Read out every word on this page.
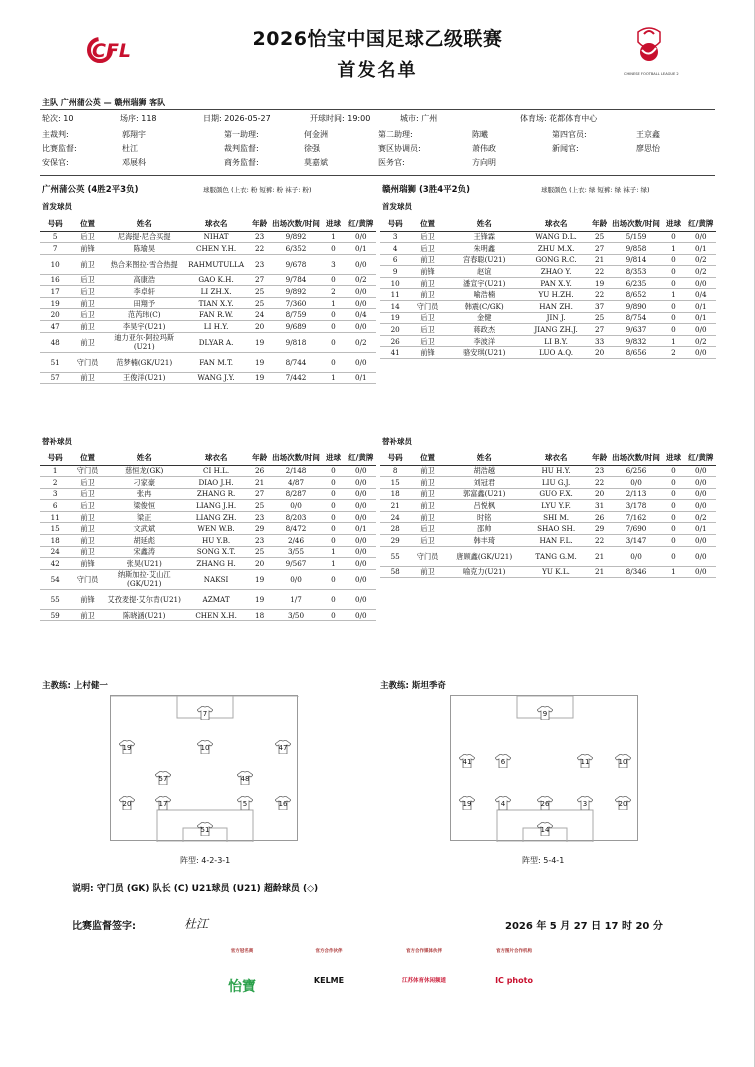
CFL
CHINESE FOOTBALL LEAGUE 2
2026怡宝中国足球乙级联赛
首发名单
主队 广州蒲公英 — 赣州瑞狮 客队
轮次: 10	场序: 118	日期: 2026-05-27	开球时间: 19:00	城市: 广州	体育场: 花都体育中心
主裁判:	郭翔宇	第一助理:	何金洲	第二助理:	陈曦	第四官员:	王京鑫
比赛监督:	杜江	裁判监督:	徐强	赛区协调员:	萧伟政	新闻官:	廖思怡
安保官:	邓展科	商务监督:	莫嘉斌	医务官:	方向明
广州蒲公英 (4胜2平3负)	球服颜色 (上衣: 粉 短裤: 粉 袜子: 粉)
首发球员
号码	位置	姓名	球衣名	年龄	出场次数/时间	进球	红/黄牌
5	后卫	尼海提·尼合买提	NIHAT	23	9/892	1	0/0
7	前锋	陈瑜昊	CHEN Y.H.	22	6/352	0	0/1
10	前卫	热合来图拉·雪合热提	RAHMUTULLA	23	9/678	3	0/0
16	后卫	高康浩	GAO K.H.	27	9/784	0	0/2
17	后卫	李卓轩	LI ZH.X.	25	9/892	2	0/0
19	前卫	田翔予	TIAN X.Y.	25	7/360	1	0/0
20	后卫	范芮玮(C)	FAN R.W.	24	8/759	0	0/4
47	前卫	李昊宇(U21)	LI H.Y.	20	9/689	0	0/0
48	前卫	迪力亚尔·阿拉玛斯(U21)	DLYAR A.	19	9/818	0	0/2
51	守门员	范梦楠(GK/U21)	FAN M.T.	19	8/744	0	0/0
57	前卫	王俊洋(U21)	WANG J.Y.	19	7/442	1	0/1
替补球员
号码	位置	姓名	球衣名	年龄	出场次数/时间	进球	红/黄牌
1	守门员	慈恒龙(GK)	CI H.L.	26	2/148	0	0/0
2	后卫	刁家豪	DIAO J.H.	21	4/87	0	0/0
3	后卫	张冉	ZHANG R.	27	8/287	0	0/0
6	后卫	梁俊恒	LIANG J.H.	25	0/0	0	0/0
11	前卫	梁正	LIANG ZH.	23	8/203	0	0/0
15	前卫	文武斌	WEN W.B.	29	8/472	0	0/1
18	前卫	胡延彪	HU Y.B.	23	2/46	0	0/0
24	前卫	宋鑫涛	SONG X.T.	25	3/55	1	0/0
42	前锋	张昊(U21)	ZHANG H.	20	9/567	1	0/0
54	守门员	纳斯加拉·艾山江(GK/U21)	NAKSI	19	0/0	0	0/0
55	前锋	艾孜麦提·艾尔肯(U21)	AZMAT	19	1/7	0	0/0
59	前卫	陈晓涵(U21)	CHEN X.H.	18	3/50	0	0/0
赣州瑞狮 (3胜4平2负)	球服颜色 (上衣: 绿 短裤: 绿 袜子: 绿)
首发球员
号码	位置	姓名	球衣名	年龄	出场次数/时间	进球	红/黄牌
3	后卫	王锋霖	WANG D.L.	25	5/159	0	0/0
4	后卫	朱明鑫	ZHU M.X.	27	9/858	1	0/1
6	前卫	宫春聪(U21)	GONG R.C.	21	9/814	0	0/2
9	前锋	赵谊	ZHAO Y.	22	8/353	0	0/2
10	前卫	潘宣宇(U21)	PAN X.Y.	19	6/235	0	0/0
11	前卫	喻浩楠	YU H.ZH.	22	8/652	1	0/4
14	守门员	韩震(C/GK)	HAN ZH.	37	9/890	0	0/1
19	后卫	金健	JIN J.	25	8/754	0	0/1
20	后卫	蒋政杰	JIANG ZH.J.	27	9/637	0	0/0
26	后卫	李波洋	LI B.Y.	33	9/832	1	0/2
41	前锋	骆安琪(U21)	LUO A.Q.	20	8/656	2	0/0
替补球员
号码	位置	姓名	球衣名	年龄	出场次数/时间	进球	红/黄牌
8	前卫	胡浩越	HU H.Y.	23	6/256	0	0/0
15	前卫	刘冠君	LIU G.J.	22	0/0	0	0/0
18	前卫	郭富鑫(U21)	GUO F.X.	20	2/113	0	0/0
21	前卫	吕悦枫	LYU Y.F.	31	3/178	0	0/0
24	前卫	时铭	SHI M.	26	7/162	0	0/2
28	后卫	邵帅	SHAO SH.	29	7/690	0	0/1
29	后卫	韩丰琦	HAN F.L.	22	3/147	0	0/0
55	守门员	唐顾鑫(GK/U21)	TANG G.M.	21	0/0	0	0/0
58	前卫	喻克力(U21)	YU K.L.	21	8/346	1	0/0
主教练: 上村健一	主教练: 斯坦季奇
7
19	10	47
57	48
20	17	5	16
51
9
41	6	11	10
19	4	26	3	20
14
阵型: 4-2-3-1	阵型: 5-4-1
说明: 守门员 (GK) 队长 (C) U21球员 (U21) 超龄球员 (◇)
比赛监督签字:	杜江	2026 年 5 月 27 日 17 时 20 分
官方冠名商
怡寶
官方合作伙伴
KELME
官方合作媒体伙伴
江苏体育休闲频道
官方图片合作机构
IC photo
